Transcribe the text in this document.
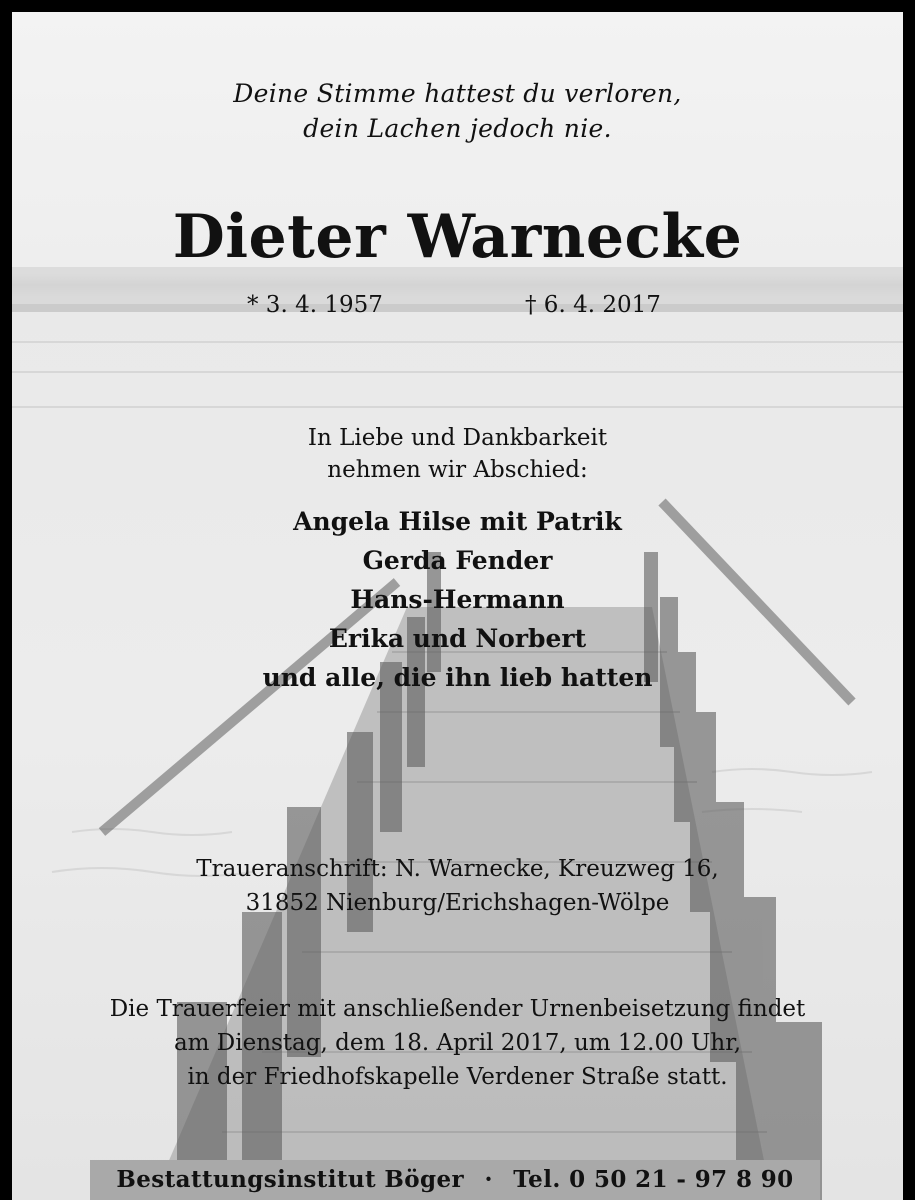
Deine Stimme hattest du verloren,
dein Lachen jedoch nie.
Dieter Warnecke
* 3. 4. 1957	† 6. 4. 2017
In Liebe und Dankbarkeit
nehmen wir Abschied:
Angela Hilse mit Patrik
Gerda Fender
Hans-Hermann
Erika und Norbert
und alle, die ihn lieb hatten
Traueranschrift: N. Warnecke, Kreuzweg 16,
31852 Nienburg/Erichshagen-Wölpe
Die Trauerfeier mit anschließender Urnenbeisetzung findet
am Dienstag, dem 18. April 2017, um 12.00 Uhr,
in der Friedhofskapelle Verdener Straße statt.
Bestattungsinstitut Böger · Tel. 0 50 21 - 97 8 90
